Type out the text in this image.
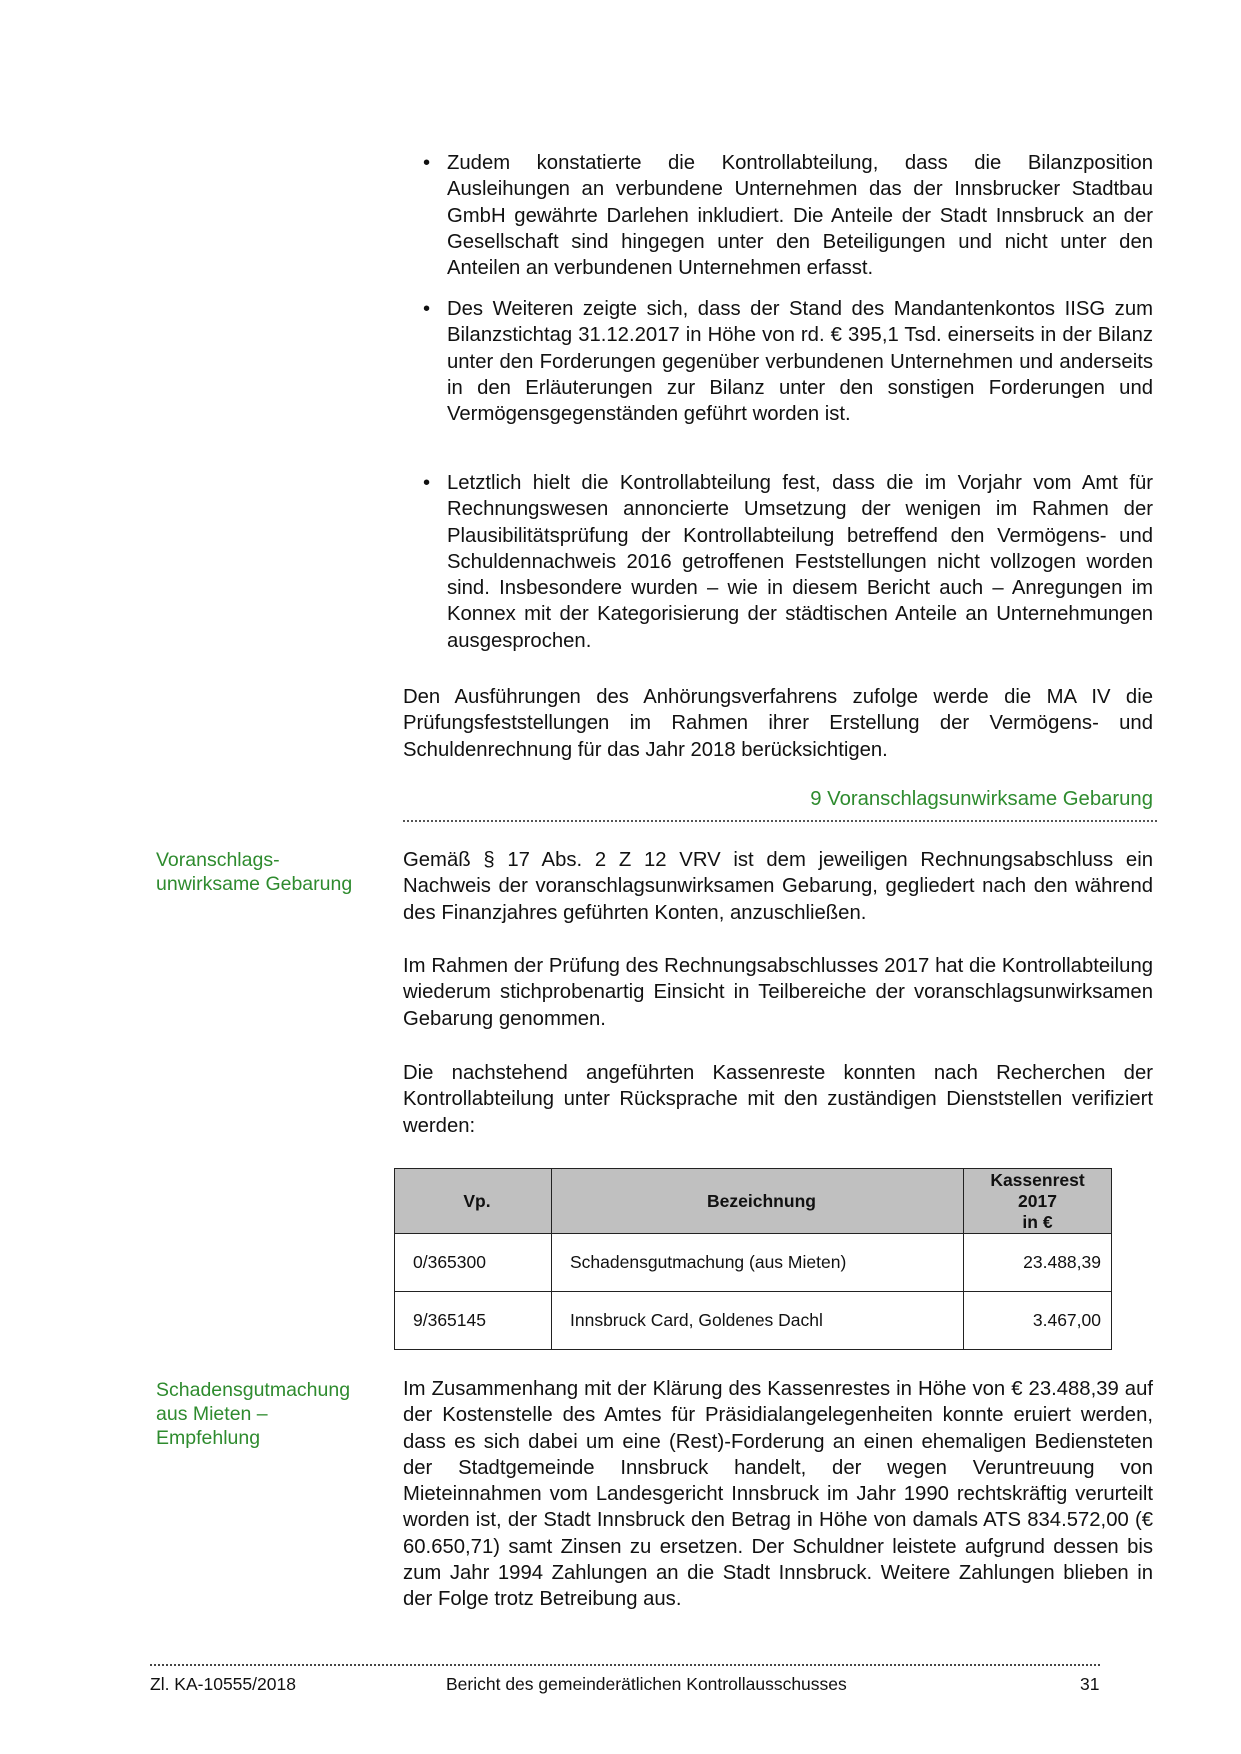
• Zudem konstatierte die Kontrollabteilung, dass die Bilanzposition Ausleihungen an verbundene Unternehmen das der Innsbrucker Stadtbau GmbH gewährte Darlehen inkludiert. Die Anteile der Stadt Innsbruck an der Gesellschaft sind hingegen unter den Beteiligungen und nicht unter den Anteilen an verbundenen Unternehmen erfasst.
• Des Weiteren zeigte sich, dass der Stand des Mandantenkontos IISG zum Bilanzstichtag 31.12.2017 in Höhe von rd. € 395,1 Tsd. einerseits in der Bilanz unter den Forderungen gegenüber verbundenen Unternehmen und anderseits in den Erläuterungen zur Bilanz unter den sonstigen Forderungen und Vermögensgegenständen geführt worden ist.
• Letztlich hielt die Kontrollabteilung fest, dass die im Vorjahr vom Amt für Rechnungswesen annoncierte Umsetzung der wenigen im Rahmen der Plausibilitätsprüfung der Kontrollabteilung betreffend den Vermögens- und Schuldennachweis 2016 getroffenen Feststellungen nicht vollzogen worden sind. Insbesondere wurden – wie in diesem Bericht auch – Anregungen im Konnex mit der Kategorisierung der städtischen Anteile an Unternehmungen ausgesprochen.
Den Ausführungen des Anhörungsverfahrens zufolge werde die MA IV die Prüfungsfeststellungen im Rahmen ihrer Erstellung der Vermögens- und Schuldenrechnung für das Jahr 2018 berücksichtigen.
9 Voranschlagsunwirksame Gebarung
Voranschlags-
unwirksame Gebarung
Gemäß § 17 Abs. 2 Z 12 VRV ist dem jeweiligen Rechnungsabschluss ein Nachweis der voranschlagsunwirksamen Gebarung, gegliedert nach den während des Finanzjahres geführten Konten, anzuschließen.
Im Rahmen der Prüfung des Rechnungsabschlusses 2017 hat die Kontrollabteilung wiederum stichprobenartig Einsicht in Teilbereiche der voranschlagsunwirksamen Gebarung genommen.
Die nachstehend angeführten Kassenreste konnten nach Recherchen der Kontrollabteilung unter Rücksprache mit den zuständigen Dienststellen verifiziert werden:
Vp.	Bezeichnung	Kassenrest
2017
in €
0/365300	Schadensgutmachung (aus Mieten)	23.488,39
9/365145	Innsbruck Card, Goldenes Dachl	3.467,00
Schadensgutmachung
aus Mieten –
Empfehlung
Im Zusammenhang mit der Klärung des Kassenrestes in Höhe von € 23.488,39 auf der Kostenstelle des Amtes für Präsidialangelegenheiten konnte eruiert werden, dass es sich dabei um eine (Rest)-Forderung an einen ehemaligen Bediensteten der Stadtgemeinde Innsbruck handelt, der wegen Veruntreuung von Mieteinnahmen vom Landesgericht Innsbruck im Jahr 1990 rechtskräftig verurteilt worden ist, der Stadt Innsbruck den Betrag in Höhe von damals ATS 834.572,00 (€ 60.650,71) samt Zinsen zu ersetzen. Der Schuldner leistete aufgrund dessen bis zum Jahr 1994 Zahlungen an die Stadt Innsbruck. Weitere Zahlungen blieben in der Folge trotz Betreibung aus.
Zl. KA-10555/2018	Bericht des gemeinderätlichen Kontrollausschusses	31
